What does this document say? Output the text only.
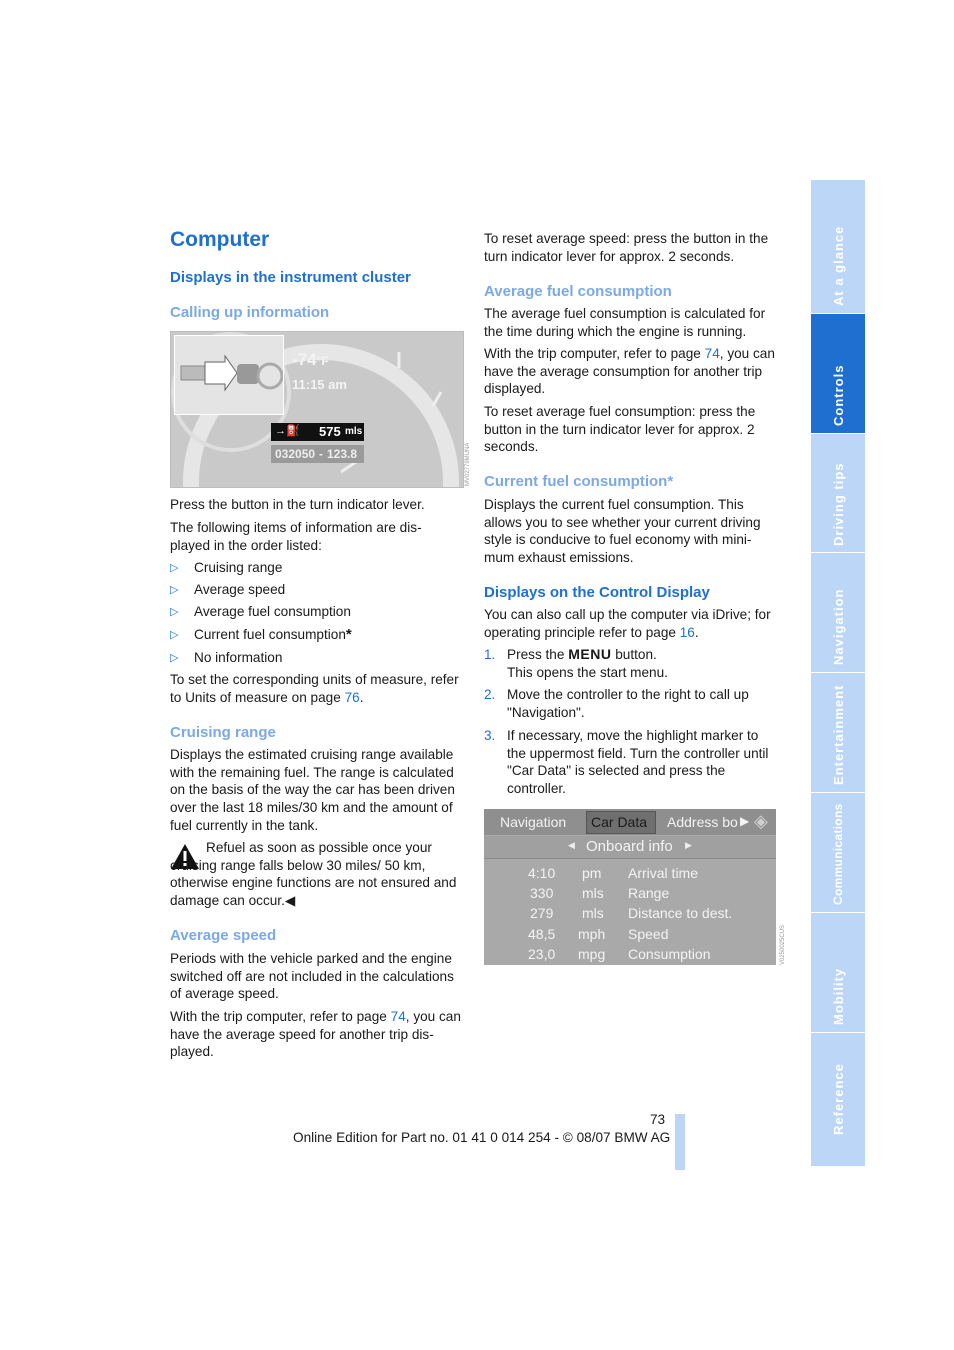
Computer
Displays in the instrument cluster
Calling up information
-74°F
11:15 am
→⛽ 575 mls
032050 - 123.8	MV02779MUNA

Press the button in the turn indicator lever.

The following items of information are dis-played in the order listed:

▷ Cruising range
▷ Average speed
▷ Average fuel consumption
▷ Current fuel consumption*
▷ No information

To set the corresponding units of measure, refer to Units of measure on page 76.

Cruising range

Displays the estimated cruising range available with the remaining fuel. The range is calculated on the basis of the way the car has been driven over the last 18 miles/30 km and the amount of fuel currently in the tank.

Refuel as soon as possible once your cruising range falls below 30 miles/ 50 km, otherwise engine functions are not ensured and damage can occur.◀

Average speed

Periods with the vehicle parked and the engine switched off are not included in the calculations of average speed.

With the trip computer, refer to page 74, you can have the average speed for another trip dis-played.

To reset average speed: press the button in the turn indicator lever for approx. 2 seconds.

Average fuel consumption

The average fuel consumption is calculated for the time during which the engine is running.

With the trip computer, refer to page 74, you can have the average consumption for another trip displayed.

To reset average fuel consumption: press the button in the turn indicator lever for approx. 2 seconds.

Current fuel consumption*

Displays the current fuel consumption. This allows you to see whether your current driving style is conducive to fuel economy with mini-mum exhaust emissions.

Displays on the Control Display

You can also call up the computer via iDrive; for operating principle refer to page 16.

1. Press the MENU button.
This opens the start menu.
2. Move the controller to the right to call up "Navigation".
3. If necessary, move the highlight marker to the uppermost field. Turn the controller until "Car Data" is selected and press the controller.
Navigation	Car Data	Address bo ▶ ◈
◀ Onboard info ▶
4:10 pm Arrival time
330 mls Range
279 mls Distance to dest.
48,5 mph Speed
23,0 mpg Consumption	V0250025CUS
At a glance
Controls
Driving tips
Navigation
Entertainment
Communications
Mobility
Reference
73
Online Edition for Part no. 01 41 0 014 254 - © 08/07 BMW AG
